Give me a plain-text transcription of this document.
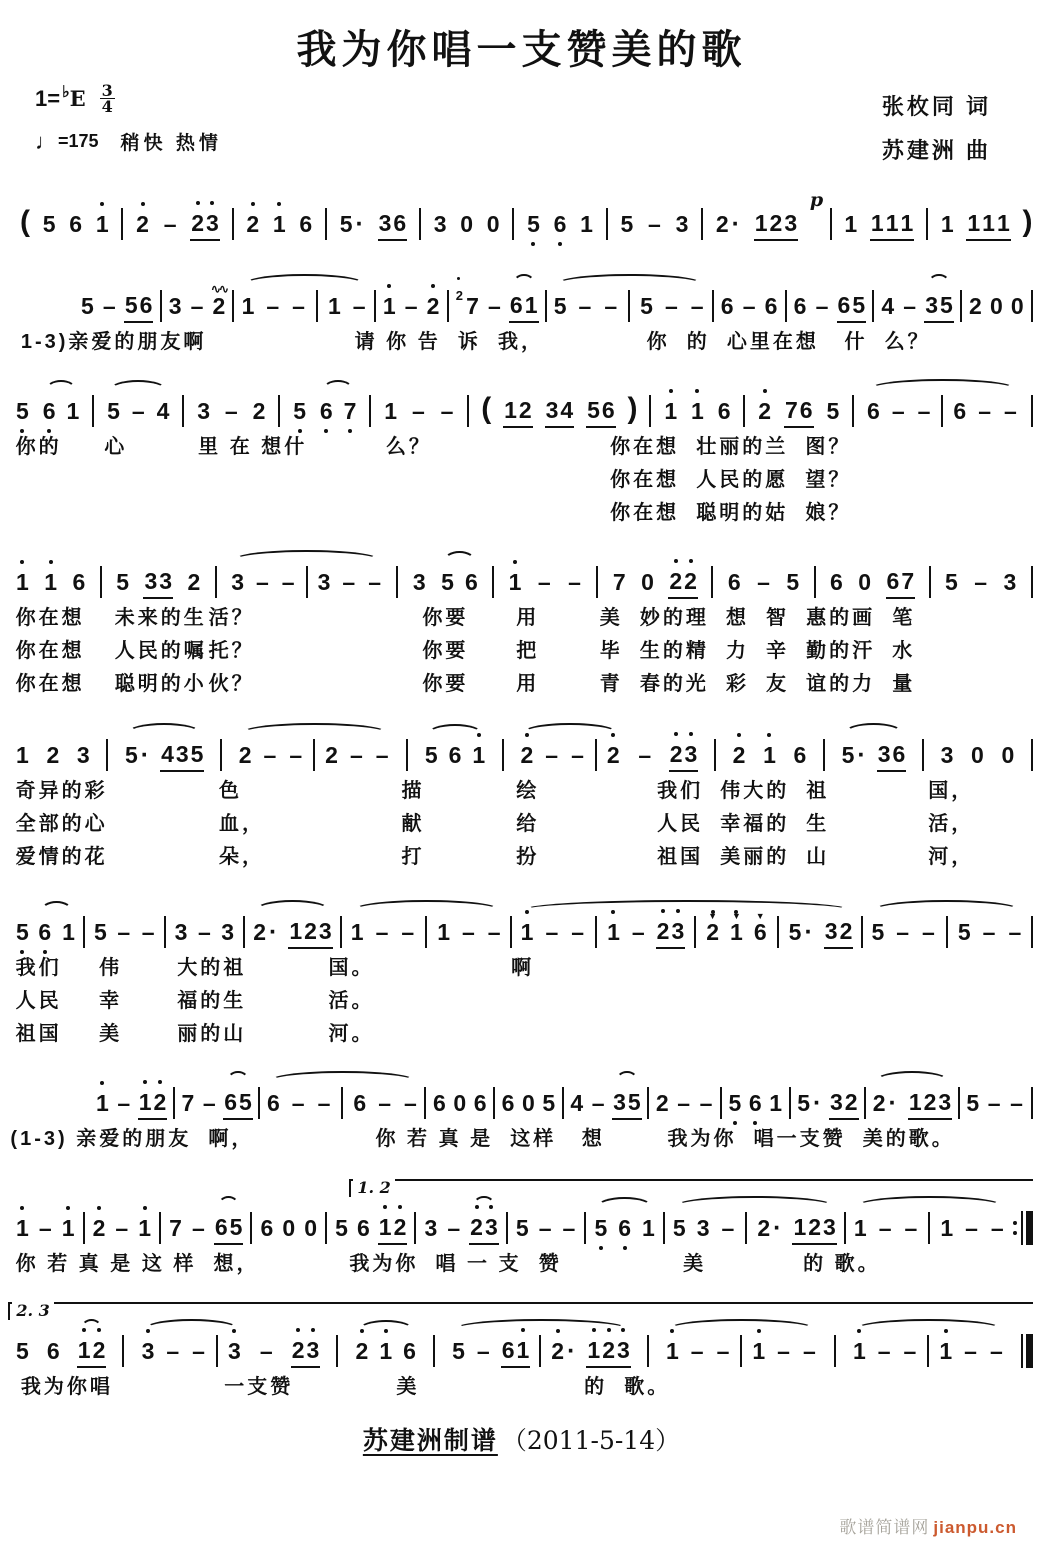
我为你唱一支赞美的歌
1=♭ E $\frac{3}{4}$
♩ =175 稍快 热情
张枚同 词
苏建洲 曲
( 5 6 1 2 – 2 3 2 1 6 5 · 3 6 3 0 0 5 6 1 5 – 3 2 · 1 2 3
p
1 1 1 1 1 1 1 1 )
5 – 5 6 3 – 2
∿∿
1 – – 1 – 1 – 2 2 7 – 6 1 5 – – 5 – – 6 – 6 6 – 6 5 4 – 3 5 2 0 0
1-3)亲爱的朋友啊	请 你 告  诉  我，	你  的  心里在想   什  么？
5 6 1 5 – 4 3 – 2 5 6 7 1 – – ( 1 2 3 4 5 6 ) 1 1 6 2 7 6 5 6 – – 6 – –
你的 心	里 在 想什	么？	你在想  壮丽的兰  图？
你在想  人民的愿  望？
你在想  聪明的姑  娘？
1 1 6 5 3 3 2 3 – – 3 – – 3 5 6 1 – – 7 0 2 2 6 – 5 6 0 6 7 5 – 3
你在想 未来的生 活？	你要 用	美  妙的理  想  智  惠的画  笔
你在想 人民的嘱 托？	你要 把	毕  生的精  力  辛  勤的汗  水
你在想 聪明的小 伙？	你要 用	青  春的光  彩  友  谊的力  量
1 2 3 5 · 4 3 5 2 – – 2 – – 5 6 1 2 – – 2 – 2 3 2 1 6 5 · 3 6 3 0 0
奇异的彩	色	描	绘	我们  伟大的  祖	国，
全部的心	血，	献	给	人民  幸福的  生	活，
爱情的花	朵，	打	扮	祖国  美丽的  山	河，
5 6 1 5 – – 3 – 3 2 · 1 2 3 1 – – 1 – – 1 – – 1 – 2 3 2
▼
1
▼
6
▼
5 · 3 2 5 – – 5 – –
我们 伟	大的祖	国。	啊
人民 幸	福的生	活。
祖国 美	丽的山	河。
1 – 1 2 7 – 6 5 6 – – 6 – – 6 0 6 6 0 5 4 – 3 5 2 – – 5 6 1 5 · 3 2 2 · 1 2 3 5 – –
(1-3) 亲爱的朋友  啊，	你 若 真 是  这样   想	我为你  唱一支赞  美的歌。
1. 2
1 – 1 2 – 1 7 – 6 5 6 0 0 5 6 1 2 3 – 2 3 5 – – 5 6 1 5 3 – 2 · 1 2 3 1 – – 1 – –
你 若 真 是 这 样  想，	我为你  唱 一 支  赞	美	的 歌。
2. 3
5 6 1 2 3 – – 3 – 2 3 2 1 6 5 – 6 1 2 · 1 2 3 1 – – 1 – – 1 – – 1 – –
我为你唱	一支赞	美	的  歌。
苏建洲制谱 （2011-5-14）
歌谱简谱网 jianpu.cn
